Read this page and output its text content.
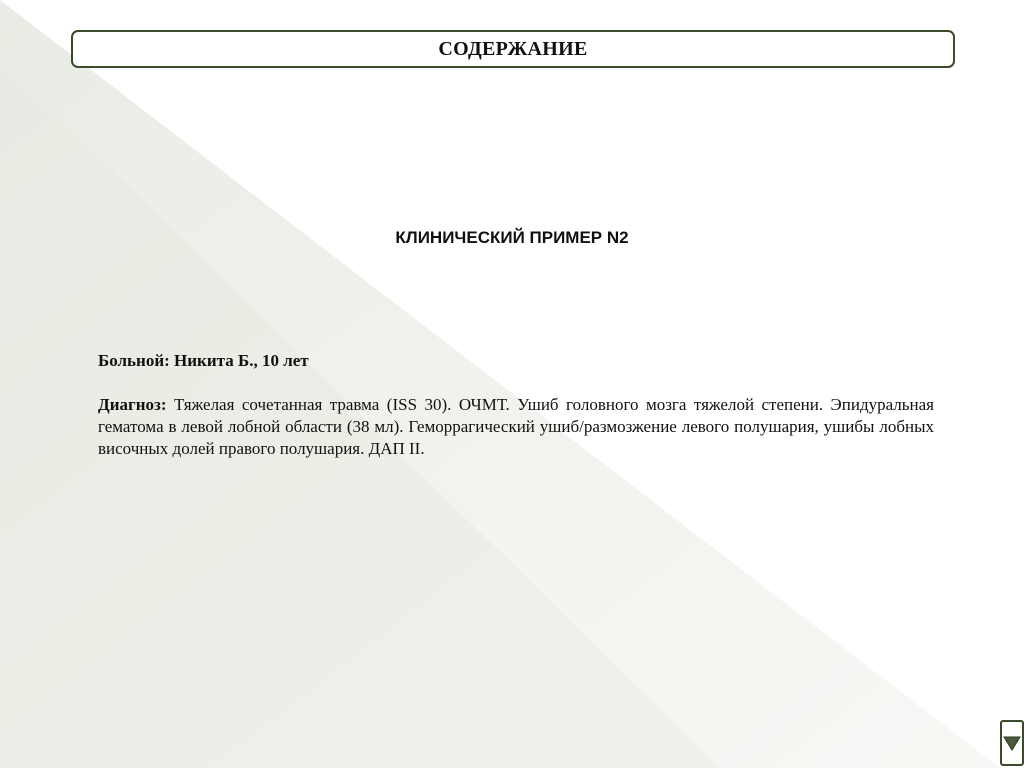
СОДЕРЖАНИЕ
КЛИНИЧЕСКИЙ ПРИМЕР N2

Больной: Никита Б., 10 лет

Диагноз: Тяжелая сочетанная травма (ISS 30). ОЧМТ. Ушиб головного мозга тяжелой степени. Эпидуральная гематома в левой лобной области (38 мл). Геморрагический ушиб/размозжение левого полушария, ушибы лобных височных долей правого полушария. ДАП II.
